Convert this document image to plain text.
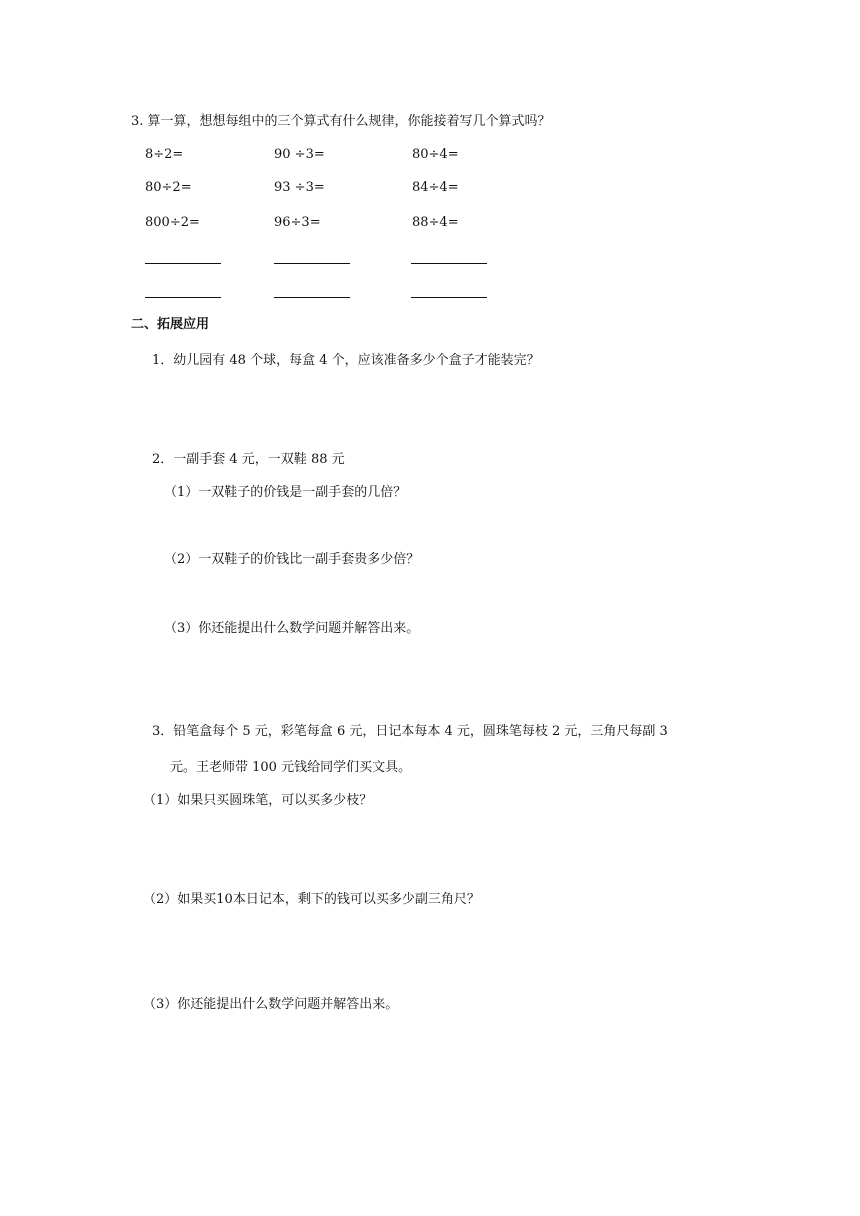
3. 算一算，想想每组中的三个算式有什么规律，你能接着写几个算式吗？
8÷2=
80÷2=
800÷2=
90 ÷3=
93 ÷3=
96÷3=
80÷4=
84÷4=
88÷4=
二、拓展应用
1．幼儿园有 48 个球，每盒 4 个，应该准备多少个盒子才能装完？
2．一副手套 4 元，一双鞋 88 元
（1）一双鞋子的价钱是一副手套的几倍？
（2）一双鞋子的价钱比一副手套贵多少倍？
（3）你还能提出什么数学问题并解答出来。
3．铅笔盒每个 5 元，彩笔每盒 6 元，日记本每本 4 元，圆珠笔每枝 2 元，三角尺每副 3
元。王老师带 100 元钱给同学们买文具。
（1）如果只买圆珠笔，可以买多少枝？
（2）如果买10本日记本，剩下的钱可以买多少副三角尺？
（3）你还能提出什么数学问题并解答出来。
